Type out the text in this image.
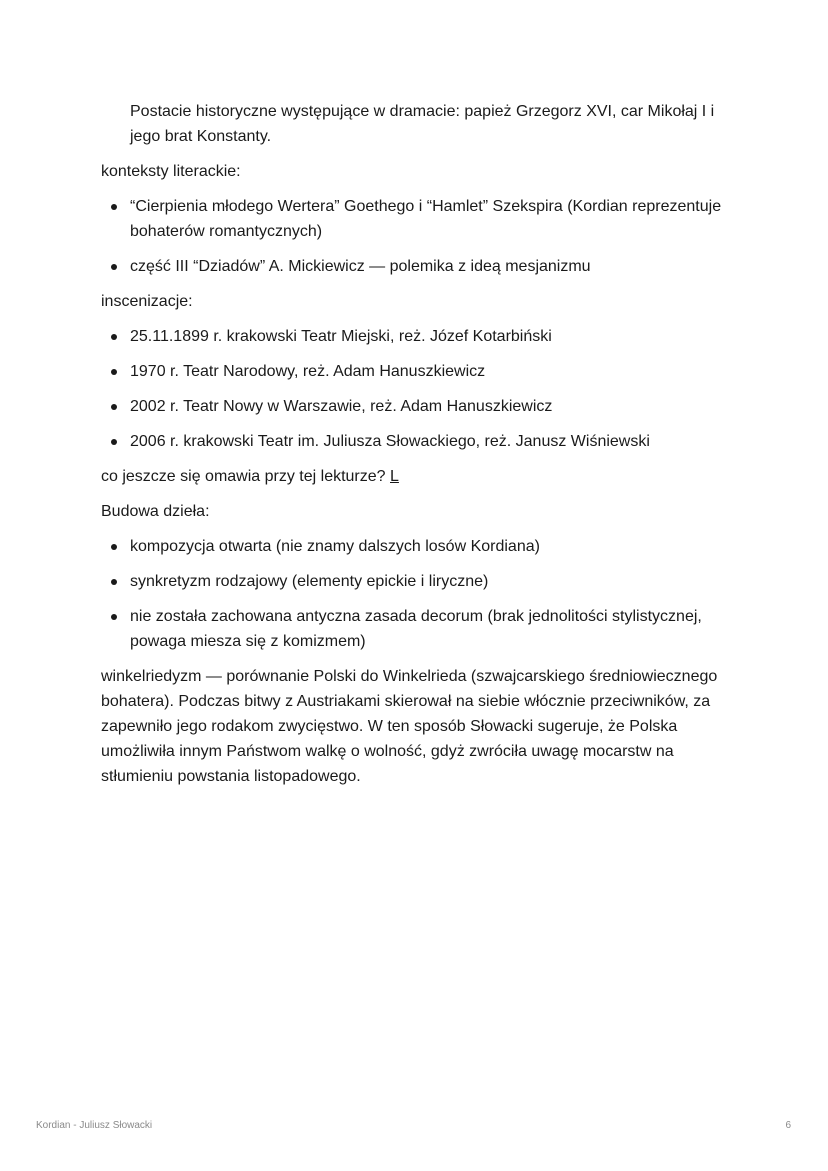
Postacie historyczne występujące w dramacie: papież Grzegorz XVI, car Mikołaj I i jego brat Konstanty.

konteksty literackie:

“Cierpienia młodego Wertera” Goethego i “Hamlet” Szekspira (Kordian reprezentuje bohaterów romantycznych)
część III “Dziadów” A. Mickiewicz — polemika z ideą mesjanizmu

inscenizacje:

25.11.1899 r. krakowski Teatr Miejski, reż. Józef Kotarbiński
1970 r. Teatr Narodowy, reż. Adam Hanuszkiewicz
2002 r. Teatr Nowy w Warszawie, reż. Adam Hanuszkiewicz
2006 r. krakowski Teatr im. Juliusza Słowackiego, reż. Janusz Wiśniewski

co jeszcze się omawia przy tej lekturze? L

Budowa dzieła:

kompozycja otwarta (nie znamy dalszych losów Kordiana)
synkretyzm rodzajowy (elementy epickie i liryczne)
nie została zachowana antyczna zasada decorum (brak jednolitości stylistycznej, powaga miesza się z komizmem)

winkelriedyzm — porównanie Polski do Winkelrieda (szwajcarskiego średniowiecznego bohatera). Podczas bitwy z Austriakami skierował na siebie włócznie przeciwników, za zapewniło jego rodakom zwycięstwo. W ten sposób Słowacki sugeruje, że Polska umożliwiła innym Państwom walkę o wolność, gdyż zwróciła uwagę mocarstw na stłumieniu powstania listopadowego.

Kordian - Juliusz Słowacki	6
